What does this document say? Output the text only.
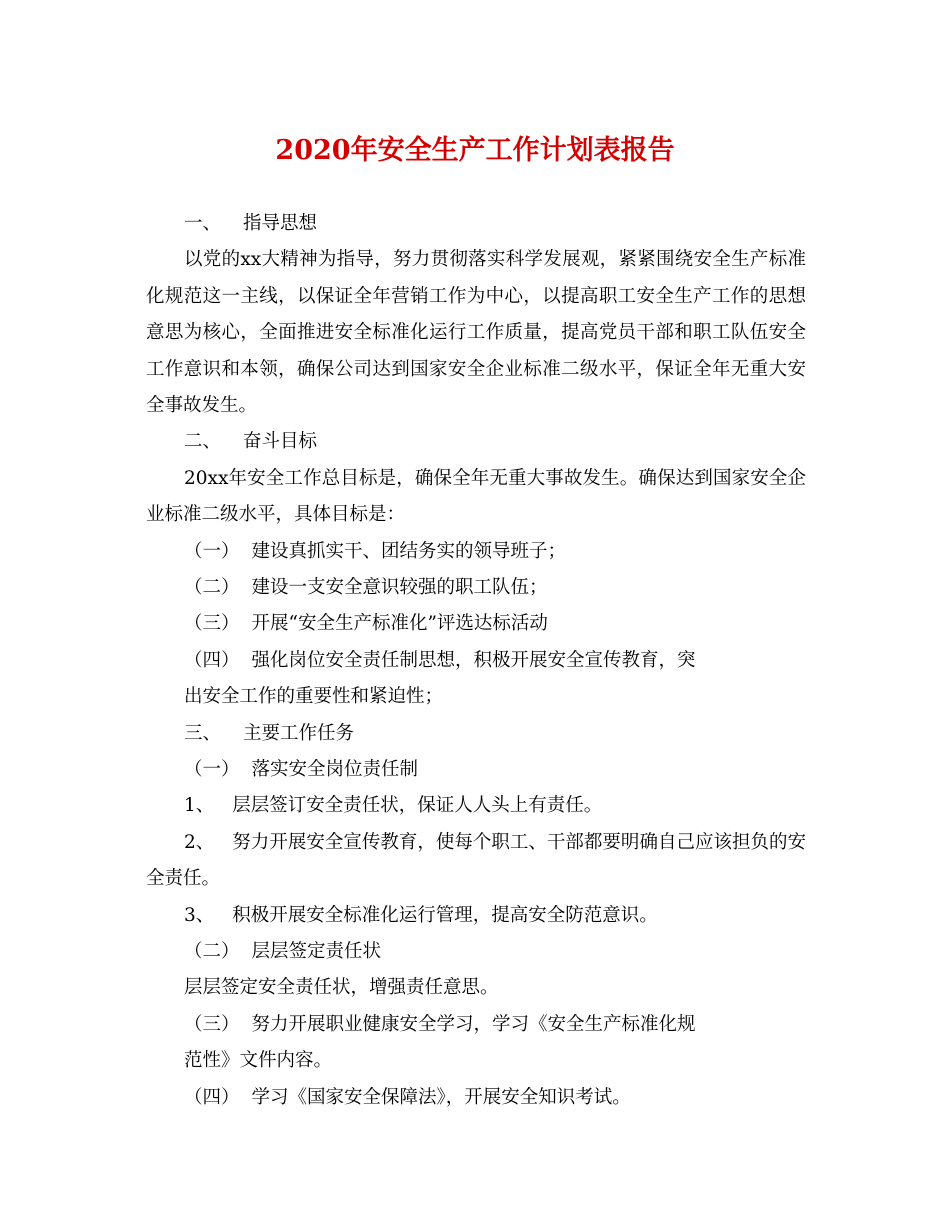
2020年安全生产工作计划表报告
一、 指导思想
以党的xx大精神为指导，努力贯彻落实科学发展观，紧紧围绕安全生产标准化规范这一主线，以保证全年营销工作为中心，以提高职工安全生产工作的思想意思为核心，全面推进安全标准化运行工作质量，提高党员干部和职工队伍安全工作意识和本领，确保公司达到国家安全企业标准二级水平，保证全年无重大安全事故发生。
二、 奋斗目标
20xx年安全工作总目标是，确保全年无重大事故发生。确保达到国家安全企业标准二级水平，具体目标是：
（一） 建设真抓实干、团结务实的领导班子；
（二） 建设一支安全意识较强的职工队伍；
（三） 开展“安全生产标准化”评选达标活动
（四） 强化岗位安全责任制思想，积极开展安全宣传教育，突
出安全工作的重要性和紧迫性；
三、 主要工作任务
（一） 落实安全岗位责任制
1、 层层签订安全责任状，保证人人头上有责任。
2、 努力开展安全宣传教育，使每个职工、干部都要明确自己应该担负的安全责任。
3、 积极开展安全标准化运行管理，提高安全防范意识。
（二） 层层签定责任状
层层签定安全责任状，增强责任意思。
（三） 努力开展职业健康安全学习，学习《安全生产标准化规
范性》文件内容。
（四） 学习《国家安全保障法》，开展安全知识考试。
